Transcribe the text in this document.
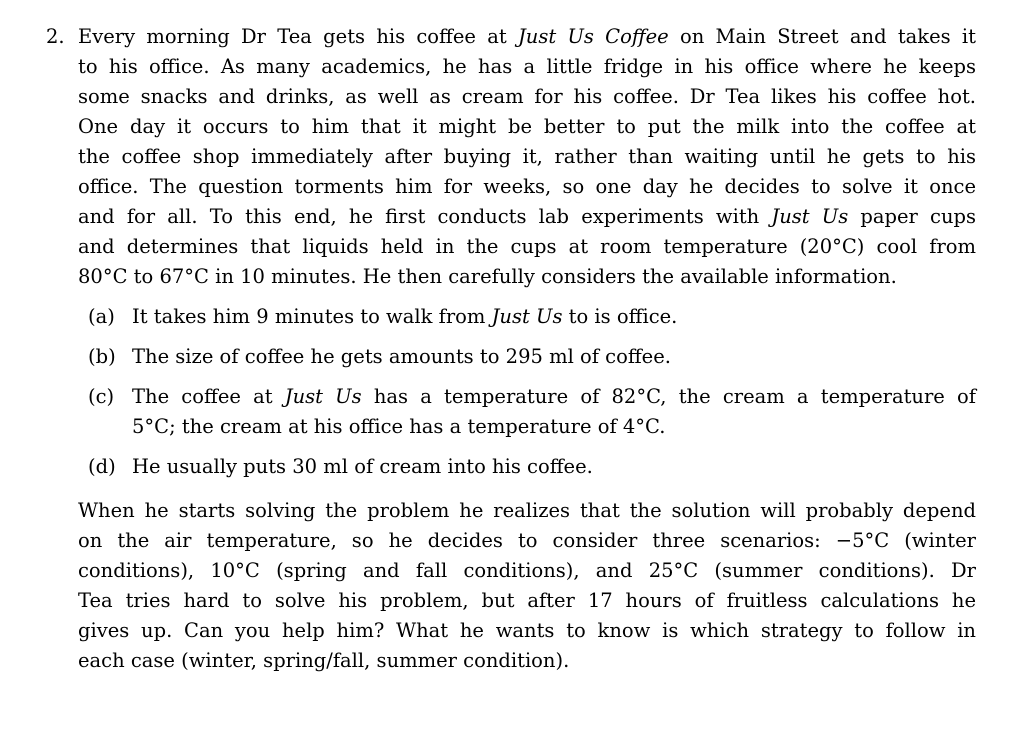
2. Every morning Dr Tea gets his coffee at Just Us Coffee on Main Street and takes it
to his office. As many academics, he has a little fridge in his office where he keeps
some snacks and drinks, as well as cream for his coffee. Dr Tea likes his coffee hot.
One day it occurs to him that it might be better to put the milk into the coffee at
the coffee shop immediately after buying it, rather than waiting until he gets to his
office. The question torments him for weeks, so one day he decides to solve it once
and for all. To this end, he first conducts lab experiments with Just Us paper cups
and determines that liquids held in the cups at room temperature (20°C) cool from
80°C to 67°C in 10 minutes. He then carefully considers the available information.
(a) It takes him 9 minutes to walk from Just Us to is office.
(b) The size of coffee he gets amounts to 295 ml of coffee.
(c) The coffee at Just Us has a temperature of 82°C, the cream a temperature of
5°C; the cream at his office has a temperature of 4°C.
(d) He usually puts 30 ml of cream into his coffee.
When he starts solving the problem he realizes that the solution will probably depend
on the air temperature, so he decides to consider three scenarios: −5°C (winter
conditions), 10°C (spring and fall conditions), and 25°C (summer conditions). Dr
Tea tries hard to solve his problem, but after 17 hours of fruitless calculations he
gives up. Can you help him? What he wants to know is which strategy to follow in
each case (winter, spring/fall, summer condition).
